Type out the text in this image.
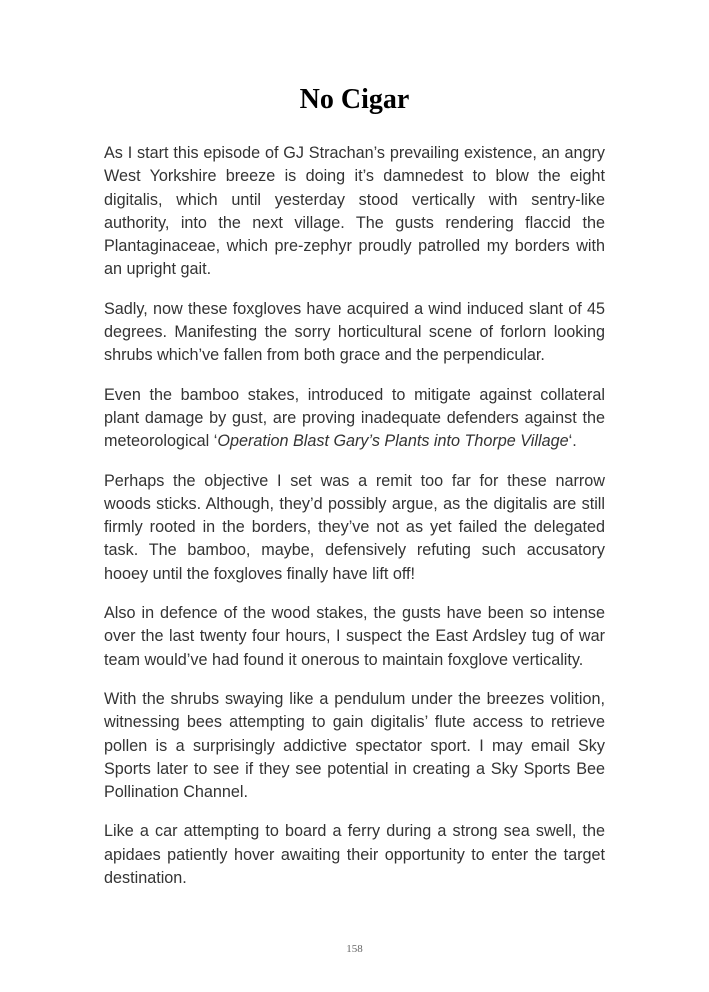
No Cigar

As I start this episode of GJ Strachan’s prevailing existence, an angry West Yorkshire breeze is doing it’s damnedest to blow the eight digitalis, which until yesterday stood vertically with sentry-like authority, into the next village. The gusts rendering flaccid the Plantaginaceae, which pre-zephyr proudly patrolled my borders with an upright gait.

Sadly, now these foxgloves have acquired a wind induced slant of 45 degrees. Manifesting the sorry horticultural scene of forlorn looking shrubs which’ve fallen from both grace and the perpendicular.

Even the bamboo stakes, introduced to mitigate against collateral plant damage by gust, are proving inadequate defenders against the meteorological ‘Operation Blast Gary’s Plants into Thorpe Village‘.

Perhaps the objective I set was a remit too far for these narrow woods sticks. Although, they’d possibly argue, as the digitalis are still firmly rooted in the borders, they’ve not as yet failed the delegated task. The bamboo, maybe, defensively refuting such accusatory hooey until the foxgloves finally have lift off!

Also in defence of the wood stakes, the gusts have been so intense over the last twenty four hours, I suspect the East Ardsley tug of war team would’ve had found it onerous to maintain foxglove verticality.

With the shrubs swaying like a pendulum under the breezes volition, witnessing bees attempting to gain digitalis’ flute access to retrieve pollen is a surprisingly addictive spectator sport. I may email Sky Sports later to see if they see potential in creating a Sky Sports Bee Pollination Channel.

Like a car attempting to board a ferry during a strong sea swell, the apidaes patiently hover awaiting their opportunity to enter the target destination.

158
